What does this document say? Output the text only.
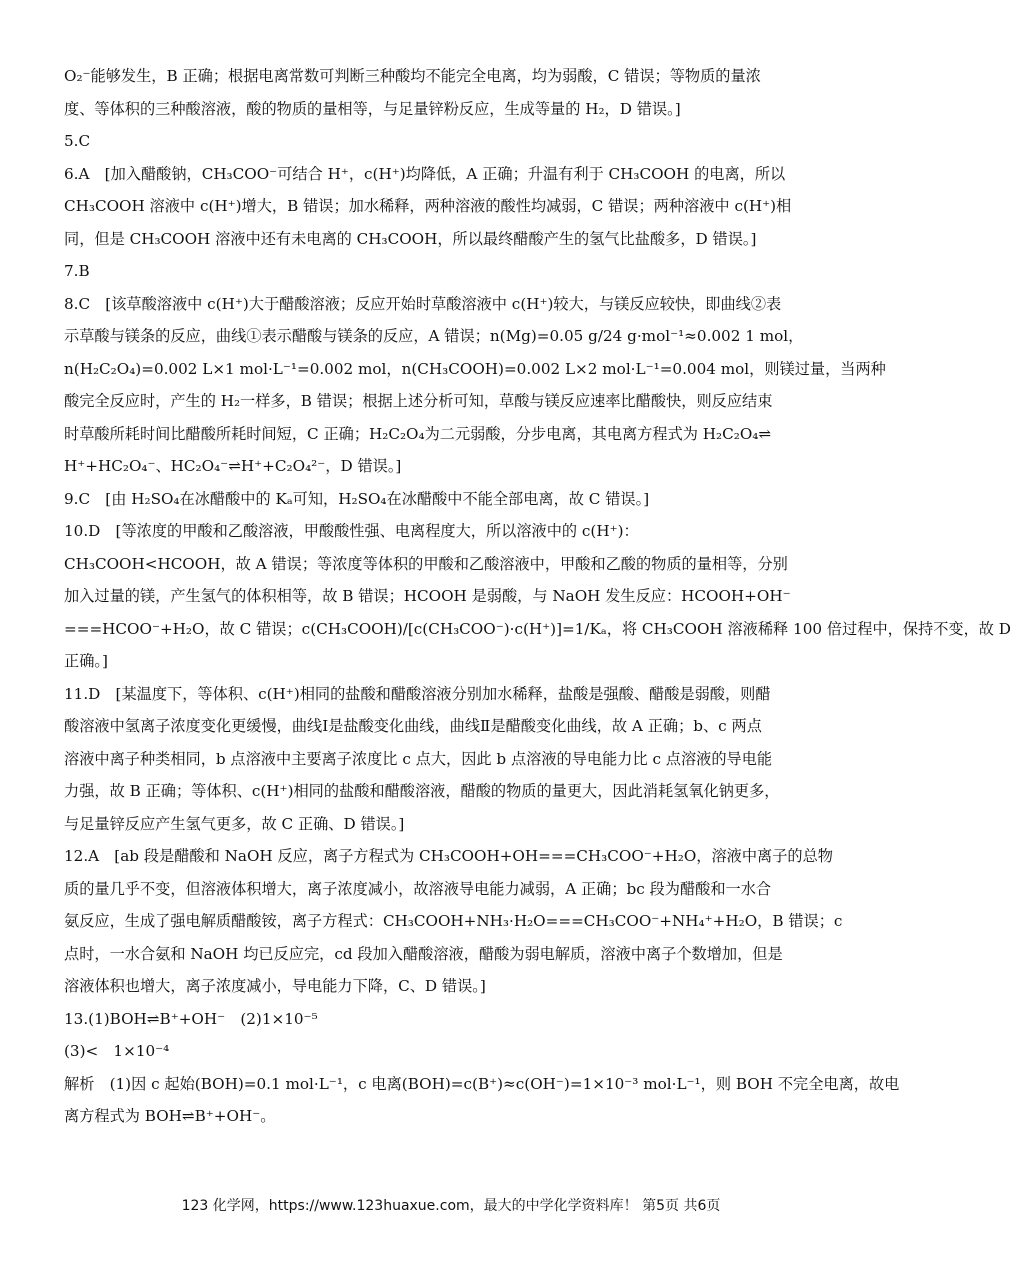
O₂⁻能够发生，B 正确；根据电离常数可判断三种酸均不能完全电离，均为弱酸，C 错误；等物质的量浓
度、等体积的三种酸溶液，酸的物质的量相等，与足量锌粉反应，生成等量的 H₂，D 错误。]
5.C
6.A　[加入醋酸钠，CH₃COO⁻可结合 H⁺，c(H⁺)均降低，A 正确；升温有利于 CH₃COOH 的电离，所以
CH₃COOH 溶液中 c(H⁺)增大，B 错误；加水稀释，两种溶液的酸性均减弱，C 错误；两种溶液中 c(H⁺)相
同，但是 CH₃COOH 溶液中还有未电离的 CH₃COOH，所以最终醋酸产生的氢气比盐酸多，D 错误。]
7.B
8.C　[该草酸溶液中 c(H⁺)大于醋酸溶液；反应开始时草酸溶液中 c(H⁺)较大，与镁反应较快，即曲线②表
示草酸与镁条的反应，曲线①表示醋酸与镁条的反应，A 错误；n(Mg)=0.05 g/24 g·mol⁻¹≈0.002 1 mol，
n(H₂C₂O₄)=0.002 L×1 mol·L⁻¹=0.002 mol，n(CH₃COOH)=0.002 L×2 mol·L⁻¹=0.004 mol，则镁过量，当两种
酸完全反应时，产生的 H₂一样多，B 错误；根据上述分析可知，草酸与镁反应速率比醋酸快，则反应结束
时草酸所耗时间比醋酸所耗时间短，C 正确；H₂C₂O₄为二元弱酸，分步电离，其电离方程式为 H₂C₂O₄⇌
H⁺+HC₂O₄⁻、HC₂O₄⁻⇌H⁺+C₂O₄²⁻，D 错误。]
9.C　[由 H₂SO₄在冰醋酸中的 Kₐ可知，H₂SO₄在冰醋酸中不能全部电离，故 C 错误。]
10.D　[等浓度的甲酸和乙酸溶液，甲酸酸性强、电离程度大，所以溶液中的 c(H⁺)：
CH₃COOH<HCOOH，故 A 错误；等浓度等体积的甲酸和乙酸溶液中，甲酸和乙酸的物质的量相等，分别
加入过量的镁，产生氢气的体积相等，故 B 错误；HCOOH 是弱酸，与 NaOH 发生反应：HCOOH+OH⁻
===HCOO⁻+H₂O，故 C 错误；c(CH₃COOH)/[c(CH₃COO⁻)·c(H⁺)]=1/Kₐ，将 CH₃COOH 溶液稀释 100 倍过程中，保持不变，故 D
正确。]
11.D　[某温度下，等体积、c(H⁺)相同的盐酸和醋酸溶液分别加水稀释，盐酸是强酸、醋酸是弱酸，则醋
酸溶液中氢离子浓度变化更缓慢，曲线Ⅰ是盐酸变化曲线，曲线Ⅱ是醋酸变化曲线，故 A 正确；b、c 两点
溶液中离子种类相同，b 点溶液中主要离子浓度比 c 点大，因此 b 点溶液的导电能力比 c 点溶液的导电能
力强，故 B 正确；等体积、c(H⁺)相同的盐酸和醋酸溶液，醋酸的物质的量更大，因此消耗氢氧化钠更多，
与足量锌反应产生氢气更多，故 C 正确、D 错误。]
12.A　[ab 段是醋酸和 NaOH 反应，离子方程式为 CH₃COOH+OH===CH₃COO⁻+H₂O，溶液中离子的总物
质的量几乎不变，但溶液体积增大，离子浓度减小，故溶液导电能力减弱，A 正确；bc 段为醋酸和一水合
氨反应，生成了强电解质醋酸铵，离子方程式：CH₃COOH+NH₃·H₂O===CH₃COO⁻+NH₄⁺+H₂O，B 错误；c
点时，一水合氨和 NaOH 均已反应完，cd 段加入醋酸溶液，醋酸为弱电解质，溶液中离子个数增加，但是
溶液体积也增大，离子浓度减小，导电能力下降，C、D 错误。]
13.(1)BOH⇌B⁺+OH⁻　(2)1×10⁻⁵
(3)<　1×10⁻⁴
解析　(1)因 c 起始(BOH)=0.1 mol·L⁻¹，c 电离(BOH)=c(B⁺)≈c(OH⁻)=1×10⁻³ mol·L⁻¹，则 BOH 不完全电离，故电
离方程式为 BOH⇌B⁺+OH⁻。
123 化学网，https://www.123huaxue.com，最大的中学化学资料库！ 第5页 共6页
